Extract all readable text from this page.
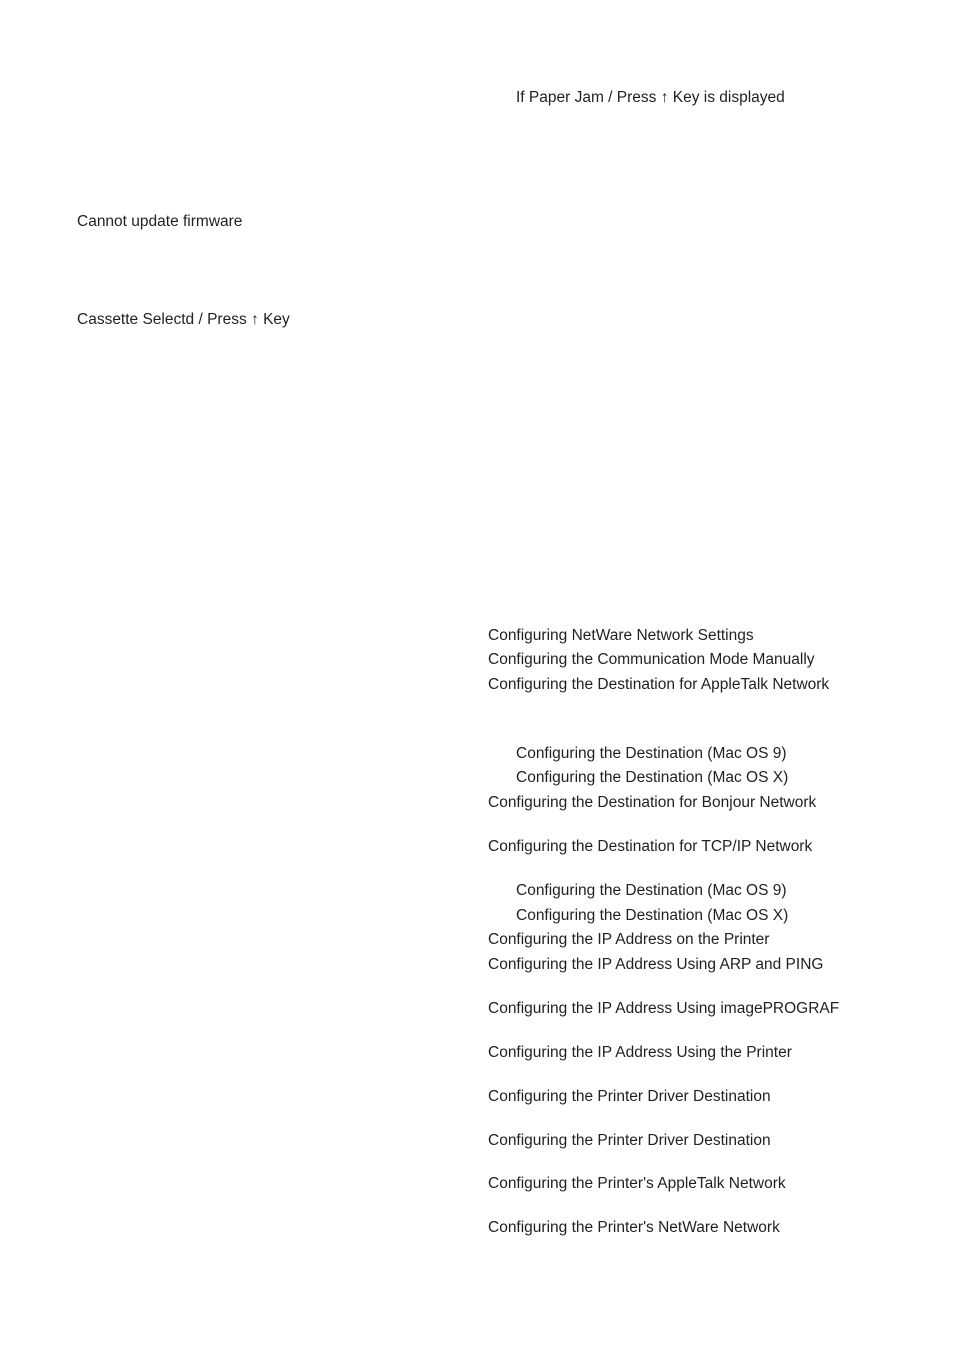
Cannot update firmware
Cassette Selectd / Press ↑ Key
If Paper Jam / Press ↑ Key is displayed
Configuring NetWare Network Settings
Configuring the Communication Mode Manually
Configuring the Destination for AppleTalk Network
Configuring the Destination (Mac OS 9)
Configuring the Destination (Mac OS X)
Configuring the Destination for Bonjour Network
Configuring the Destination for TCP/IP Network
Configuring the Destination (Mac OS 9)
Configuring the Destination (Mac OS X)
Configuring the IP Address on the Printer
Configuring the IP Address Using ARP and PING
Configuring the IP Address Using imagePROGRAF
Configuring the IP Address Using the Printer
Configuring the Printer Driver Destination
Configuring the Printer Driver Destination
Configuring the Printer's AppleTalk Network
Configuring the Printer's NetWare Network
